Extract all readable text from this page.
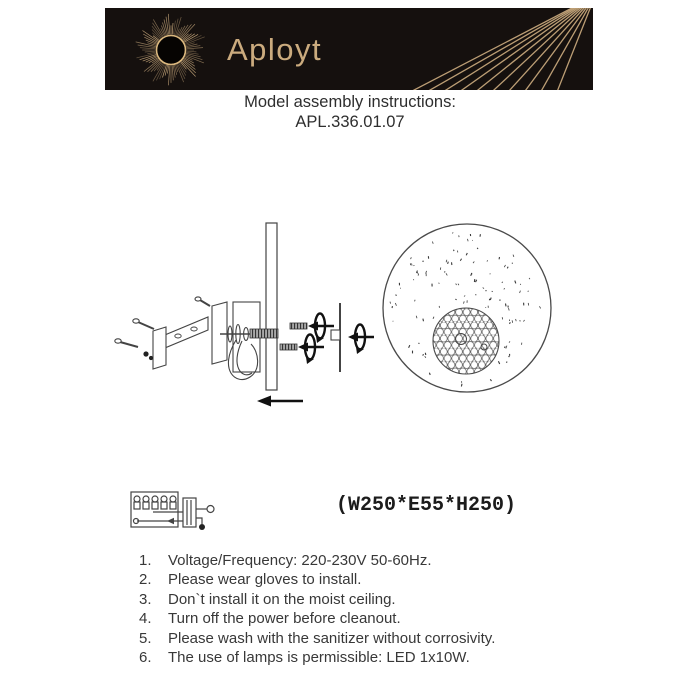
Aployt
Model assembly instructions:
APL.336.01.07
(W250*E55*H250)
1.	Voltage/Frequency: 220-230V 50-60Hz.
2.	Please wear gloves to install.
3.	Don`t install it on the moist ceiling.
4.	Turn off the power before cleanout.
5.	Please wash with the sanitizer without corrosivity.
6.	The use of lamps is permissible: LED 1x10W.
